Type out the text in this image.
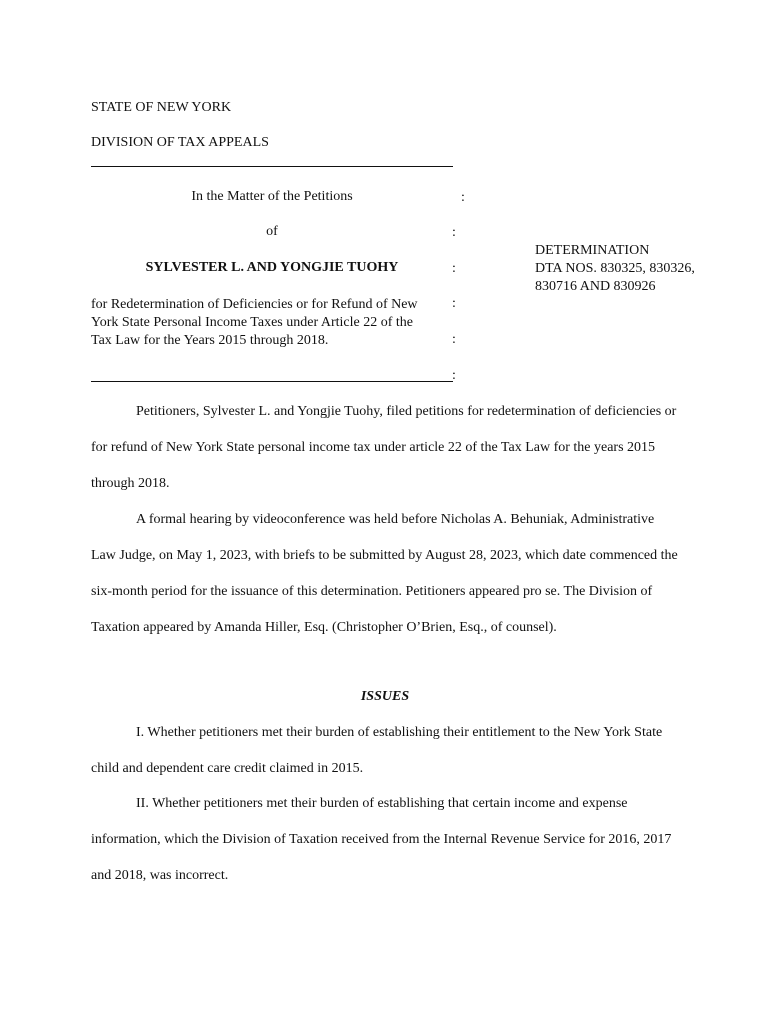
STATE OF NEW YORK
DIVISION OF TAX APPEALS
In the Matter of the Petitions
of
SYLVESTER L. AND YONGJIE TUOHY
for Redetermination of Deficiencies or for Refund of New York State Personal Income Taxes under Article 22 of the Tax Law for the Years 2015 through 2018.
:
:
:
:
:
:
DETERMINATION
DTA NOS. 830325, 830326, 830716 AND 830926
Petitioners, Sylvester L. and Yongjie Tuohy, filed petitions for redetermination of deficiencies or for refund of New York State personal income tax under article 22 of the Tax Law for the years 2015 through 2018.
A formal hearing by videoconference was held before Nicholas A. Behuniak, Administrative Law Judge, on May 1, 2023, with briefs to be submitted by August 28, 2023, which date commenced the six-month period for the issuance of this determination. Petitioners appeared pro se. The Division of Taxation appeared by Amanda Hiller, Esq. (Christopher O’Brien, Esq., of counsel).
ISSUES
I. Whether petitioners met their burden of establishing their entitlement to the New York State child and dependent care credit claimed in 2015.
II. Whether petitioners met their burden of establishing that certain income and expense information, which the Division of Taxation received from the Internal Revenue Service for 2016, 2017 and 2018, was incorrect.
